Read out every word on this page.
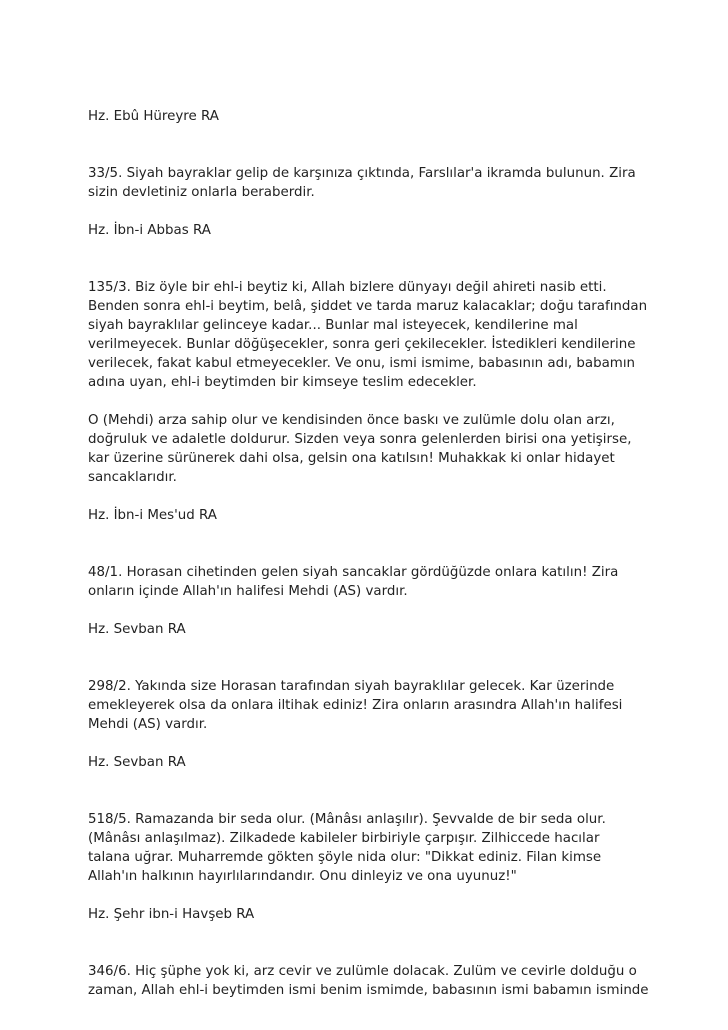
Hz. Ebû Hüreyre RA

33/5. Siyah bayraklar gelip de karşınıza çıktında, Farslılar'a ikramda bulunun. Zira
sizin devletiniz onlarla beraberdir.

Hz. İbn-i Abbas RA

135/3. Biz öyle bir ehl-i beytiz ki, Allah bizlere dünyayı değil ahireti nasib etti.
Benden sonra ehl-i beytim, belâ, şiddet ve tarda maruz kalacaklar; doğu tarafından
siyah bayraklılar gelinceye kadar... Bunlar mal isteyecek, kendilerine mal
verilmeyecek. Bunlar döğüşecekler, sonra geri çekilecekler. İstedikleri kendilerine
verilecek, fakat kabul etmeyecekler. Ve onu, ismi ismime, babasının adı, babamın
adına uyan, ehl-i beytimden bir kimseye teslim edecekler.

O (Mehdi) arza sahip olur ve kendisinden önce baskı ve zulümle dolu olan arzı,
doğruluk ve adaletle doldurur. Sizden veya sonra gelenlerden birisi ona yetişirse,
kar üzerine sürünerek dahi olsa, gelsin ona katılsın! Muhakkak ki onlar hidayet
sancaklarıdır.

Hz. İbn-i Mes'ud RA

48/1. Horasan cihetinden gelen siyah sancaklar gördüğüzde onlara katılın! Zira
onların içinde Allah'ın halifesi Mehdi (AS) vardır.

Hz. Sevban RA

298/2. Yakında size Horasan tarafından siyah bayraklılar gelecek. Kar üzerinde
emekleyerek olsa da onlara iltihak ediniz! Zira onların arasındra Allah'ın halifesi
Mehdi (AS) vardır.

Hz. Sevban RA

518/5. Ramazanda bir seda olur. (Mânâsı anlaşılır). Şevvalde de bir seda olur.
(Mânâsı anlaşılmaz). Zilkadede kabileler birbiriyle çarpışır. Zilhiccede hacılar
talana uğrar. Muharremde gökten şöyle nida olur: "Dikkat ediniz. Filan kimse
Allah'ın halkının hayırlılarındandır. Onu dinleyiz ve ona uyunuz!"

Hz. Şehr ibn-i Havşeb RA

346/6. Hiç şüphe yok ki, arz cevir ve zulümle dolacak. Zulüm ve cevirle dolduğu o
zaman, Allah ehl-i beytimden ismi benim ismimde, babasının ismi babamın isminde
